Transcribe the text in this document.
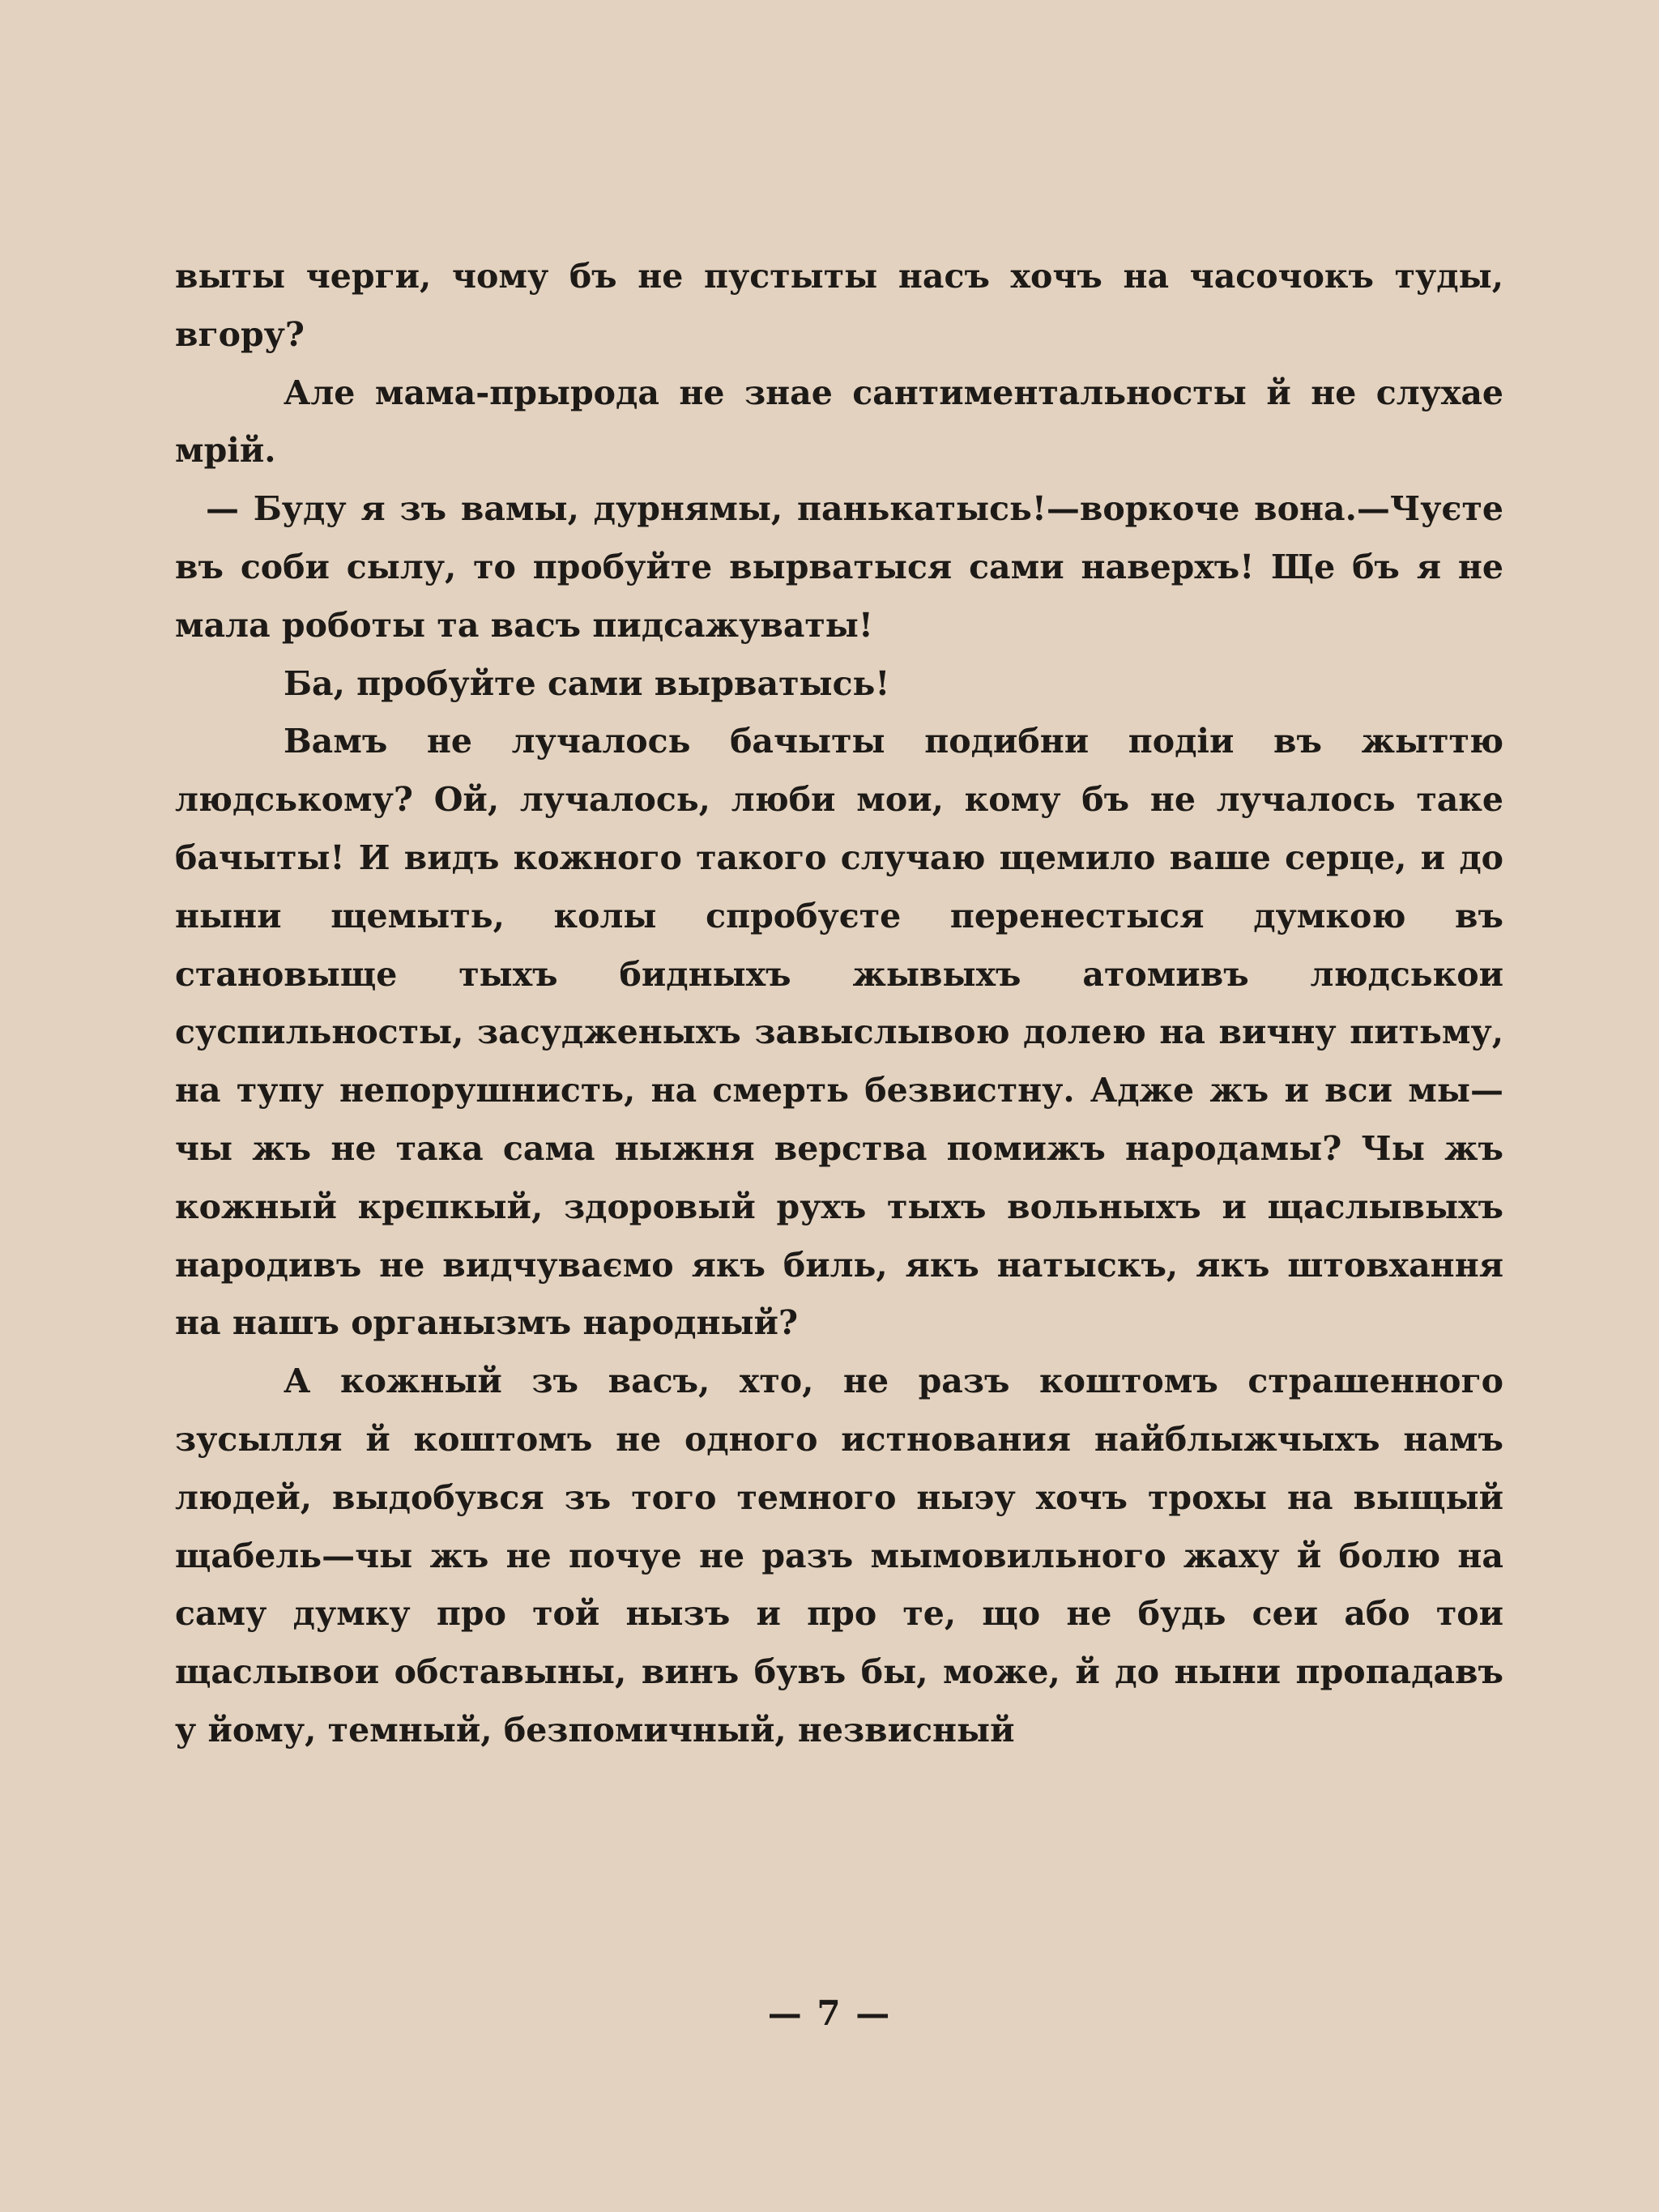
выты черги, чому бъ не пустыты насъ хочъ на часочокъ туды, вгору?

Але мама-прырода не знае сантиментальносты й не слухае мрiй.

— Буду я зъ вамы, дурнямы, панькатысь!—воркоче вона.—Чуєте въ соби сылу, то пробуйте вырватыся сами наверхъ! Ще бъ я не мала роботы та васъ пидсажуваты!

Ба, пробуйте сами вырватысь!

Вамъ не лучалось бачыты подибни подiи въ жыттю людському? Ой, лучалось, люби мои, кому бъ не лучалось таке бачыты! И видъ кожного такого случаю щемило ваше серце, и до ныни щемыть, колы спробуєте перенестыся думкою въ становыще тыхъ бидныхъ жывыхъ атомивъ людськои суспильносты, засудженыхъ завыслывою долею на вичну питьму, на тупу непорушнисть, на смерть безвистну. Адже жъ и вси мы—чы жъ не така сама ныжня верства помижъ народамы? Чы жъ кожный крєпкый, здоровый рухъ тыхъ вольныхъ и щаслывыхъ народивъ не видчуваємо якъ биль, якъ натыскъ, якъ штовхання на нашъ органызмъ народный?

А кожный зъ васъ, хто, не разъ коштомъ страшенного зусылля й коштомъ не одного истнования найблыжчыхъ намъ людей, выдобувся зъ того темного ныэу хочъ трохы на выщый щабель—чы жъ не почуе не разъ мымовильного жаху й болю на саму думку про той нызъ и про те, що не будь сеи або тои щаслывои обставыны, винъ бувъ бы, може, й до ныни пропадавъ у йому, темный, безпомичный, незвисный

— 7 —
